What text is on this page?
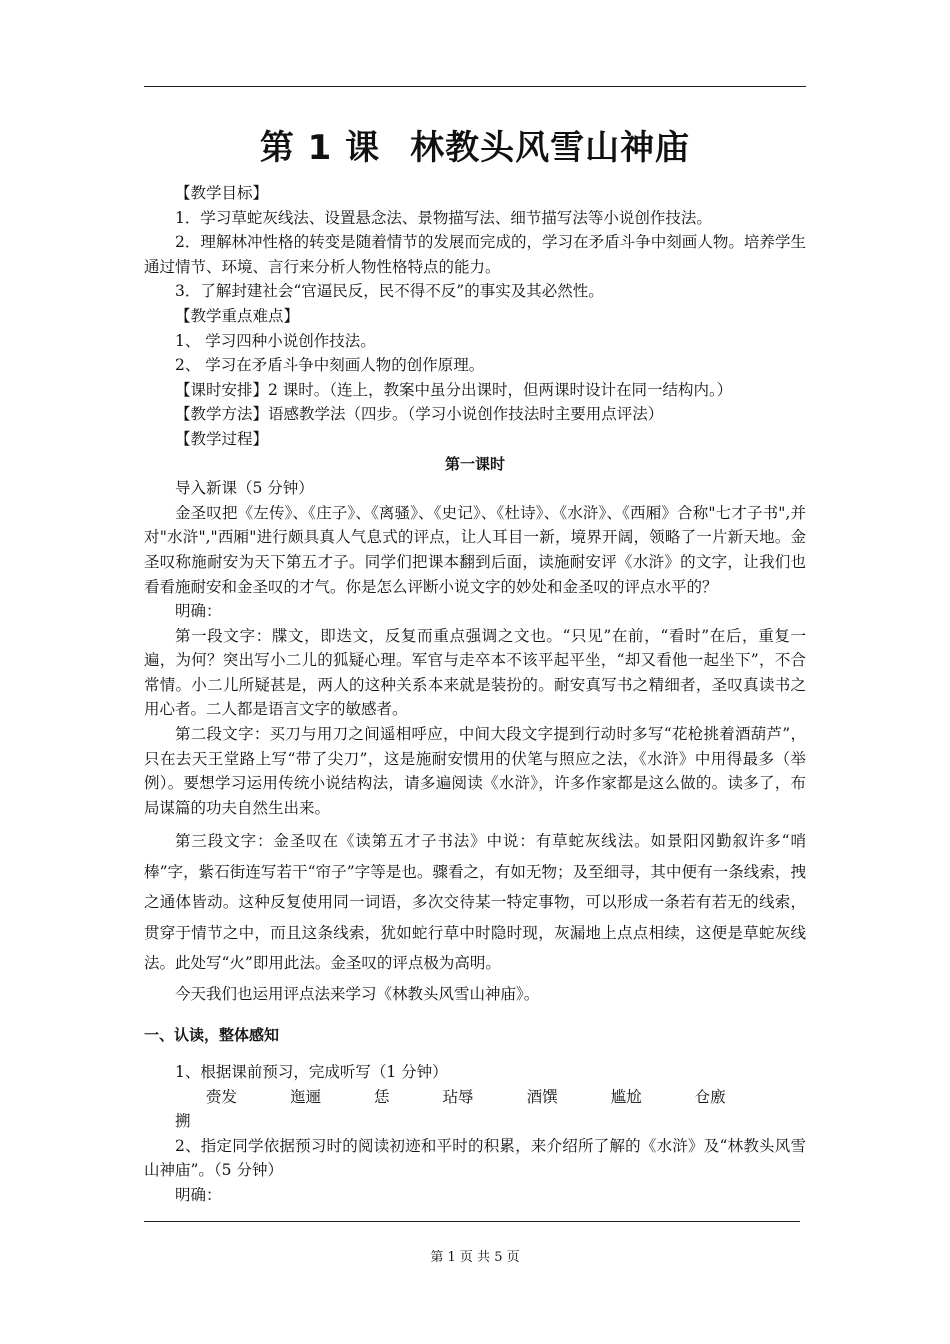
第 1 课 林教头风雪山神庙

【教学目标】

1．学习草蛇灰线法、设置悬念法、景物描写法、细节描写法等小说创作技法。

2．理解林冲性格的转变是随着情节的发展而完成的，学习在矛盾斗争中刻画人物。培养学生通过情节、环境、言行来分析人物性格特点的能力。

3．了解封建社会“官逼民反，民不得不反”的事实及其必然性。

【教学重点难点】

1、 学习四种小说创作技法。

2、 学习在矛盾斗争中刻画人物的创作原理。

【课时安排】2 课时。（连上，教案中虽分出课时，但两课时设计在同一结构内。）

【教学方法】语感教学法（四步。（学习小说创作技法时主要用点评法）

【教学过程】

第一课时

导入新课（5 分钟）

金圣叹把《左传》、《庄子》、《离骚》、《史记》、《杜诗》、《水浒》、《西厢》合称"七才子书",并对"水浒","西厢"进行颇具真人气息式的评点，让人耳目一新，境界开阔，领略了一片新天地。金圣叹称施耐安为天下第五才子。同学们把课本翻到后面，读施耐安评《水浒》的文字，让我们也看看施耐安和金圣叹的才气。你是怎么评断小说文字的妙处和金圣叹的评点水平的？

明确：

第一段文字：牒文，即迭文，反复而重点强调之文也。“只见”在前，“看时”在后，重复一遍，为何？突出写小二儿的狐疑心理。军官与走卒本不该平起平坐，“却又看他一起坐下”，不合常情。小二儿所疑甚是，两人的这种关系本来就是装扮的。耐安真写书之精细者，圣叹真读书之用心者。二人都是语言文字的敏感者。

第二段文字：买刀与用刀之间遥相呼应，中间大段文字提到行动时多写“花枪挑着酒葫芦”，只在去天王堂路上写“带了尖刀”，这是施耐安惯用的伏笔与照应之法，《水浒》中用得最多（举例）。要想学习运用传统小说结构法，请多遍阅读《水浒》，许多作家都是这么做的。读多了，布局谋篇的功夫自然生出来。

第三段文字：金圣叹在《读第五才子书法》中说：有草蛇灰线法。如景阳冈勤叙许多“哨棒”字，紫石街连写若干“帘子”字等是也。骤看之，有如无物；及至细寻，其中便有一条线索，拽之通体皆动。这种反复使用同一词语，多次交待某一特定事物，可以形成一条若有若无的线索，贯穿于情节之中，而且这条线索，犹如蛇行草中时隐时现，灰漏地上点点相续，这便是草蛇灰线法。此处写“火”即用此法。金圣叹的评点极为高明。

今天我们也运用评点法来学习《林教头风雪山神庙》。

一、认读，整体感知

1、根据课前预习，完成听写（1 分钟）

赍发	迤逦	恁	玷辱	酒馔	尴尬	仓廒搠

2、指定同学依据预习时的阅读初迹和平时的积累，来介绍所了解的《水浒》及“林教头风雪山神庙”。（5 分钟）

明确：

第 1 页 共 5 页
